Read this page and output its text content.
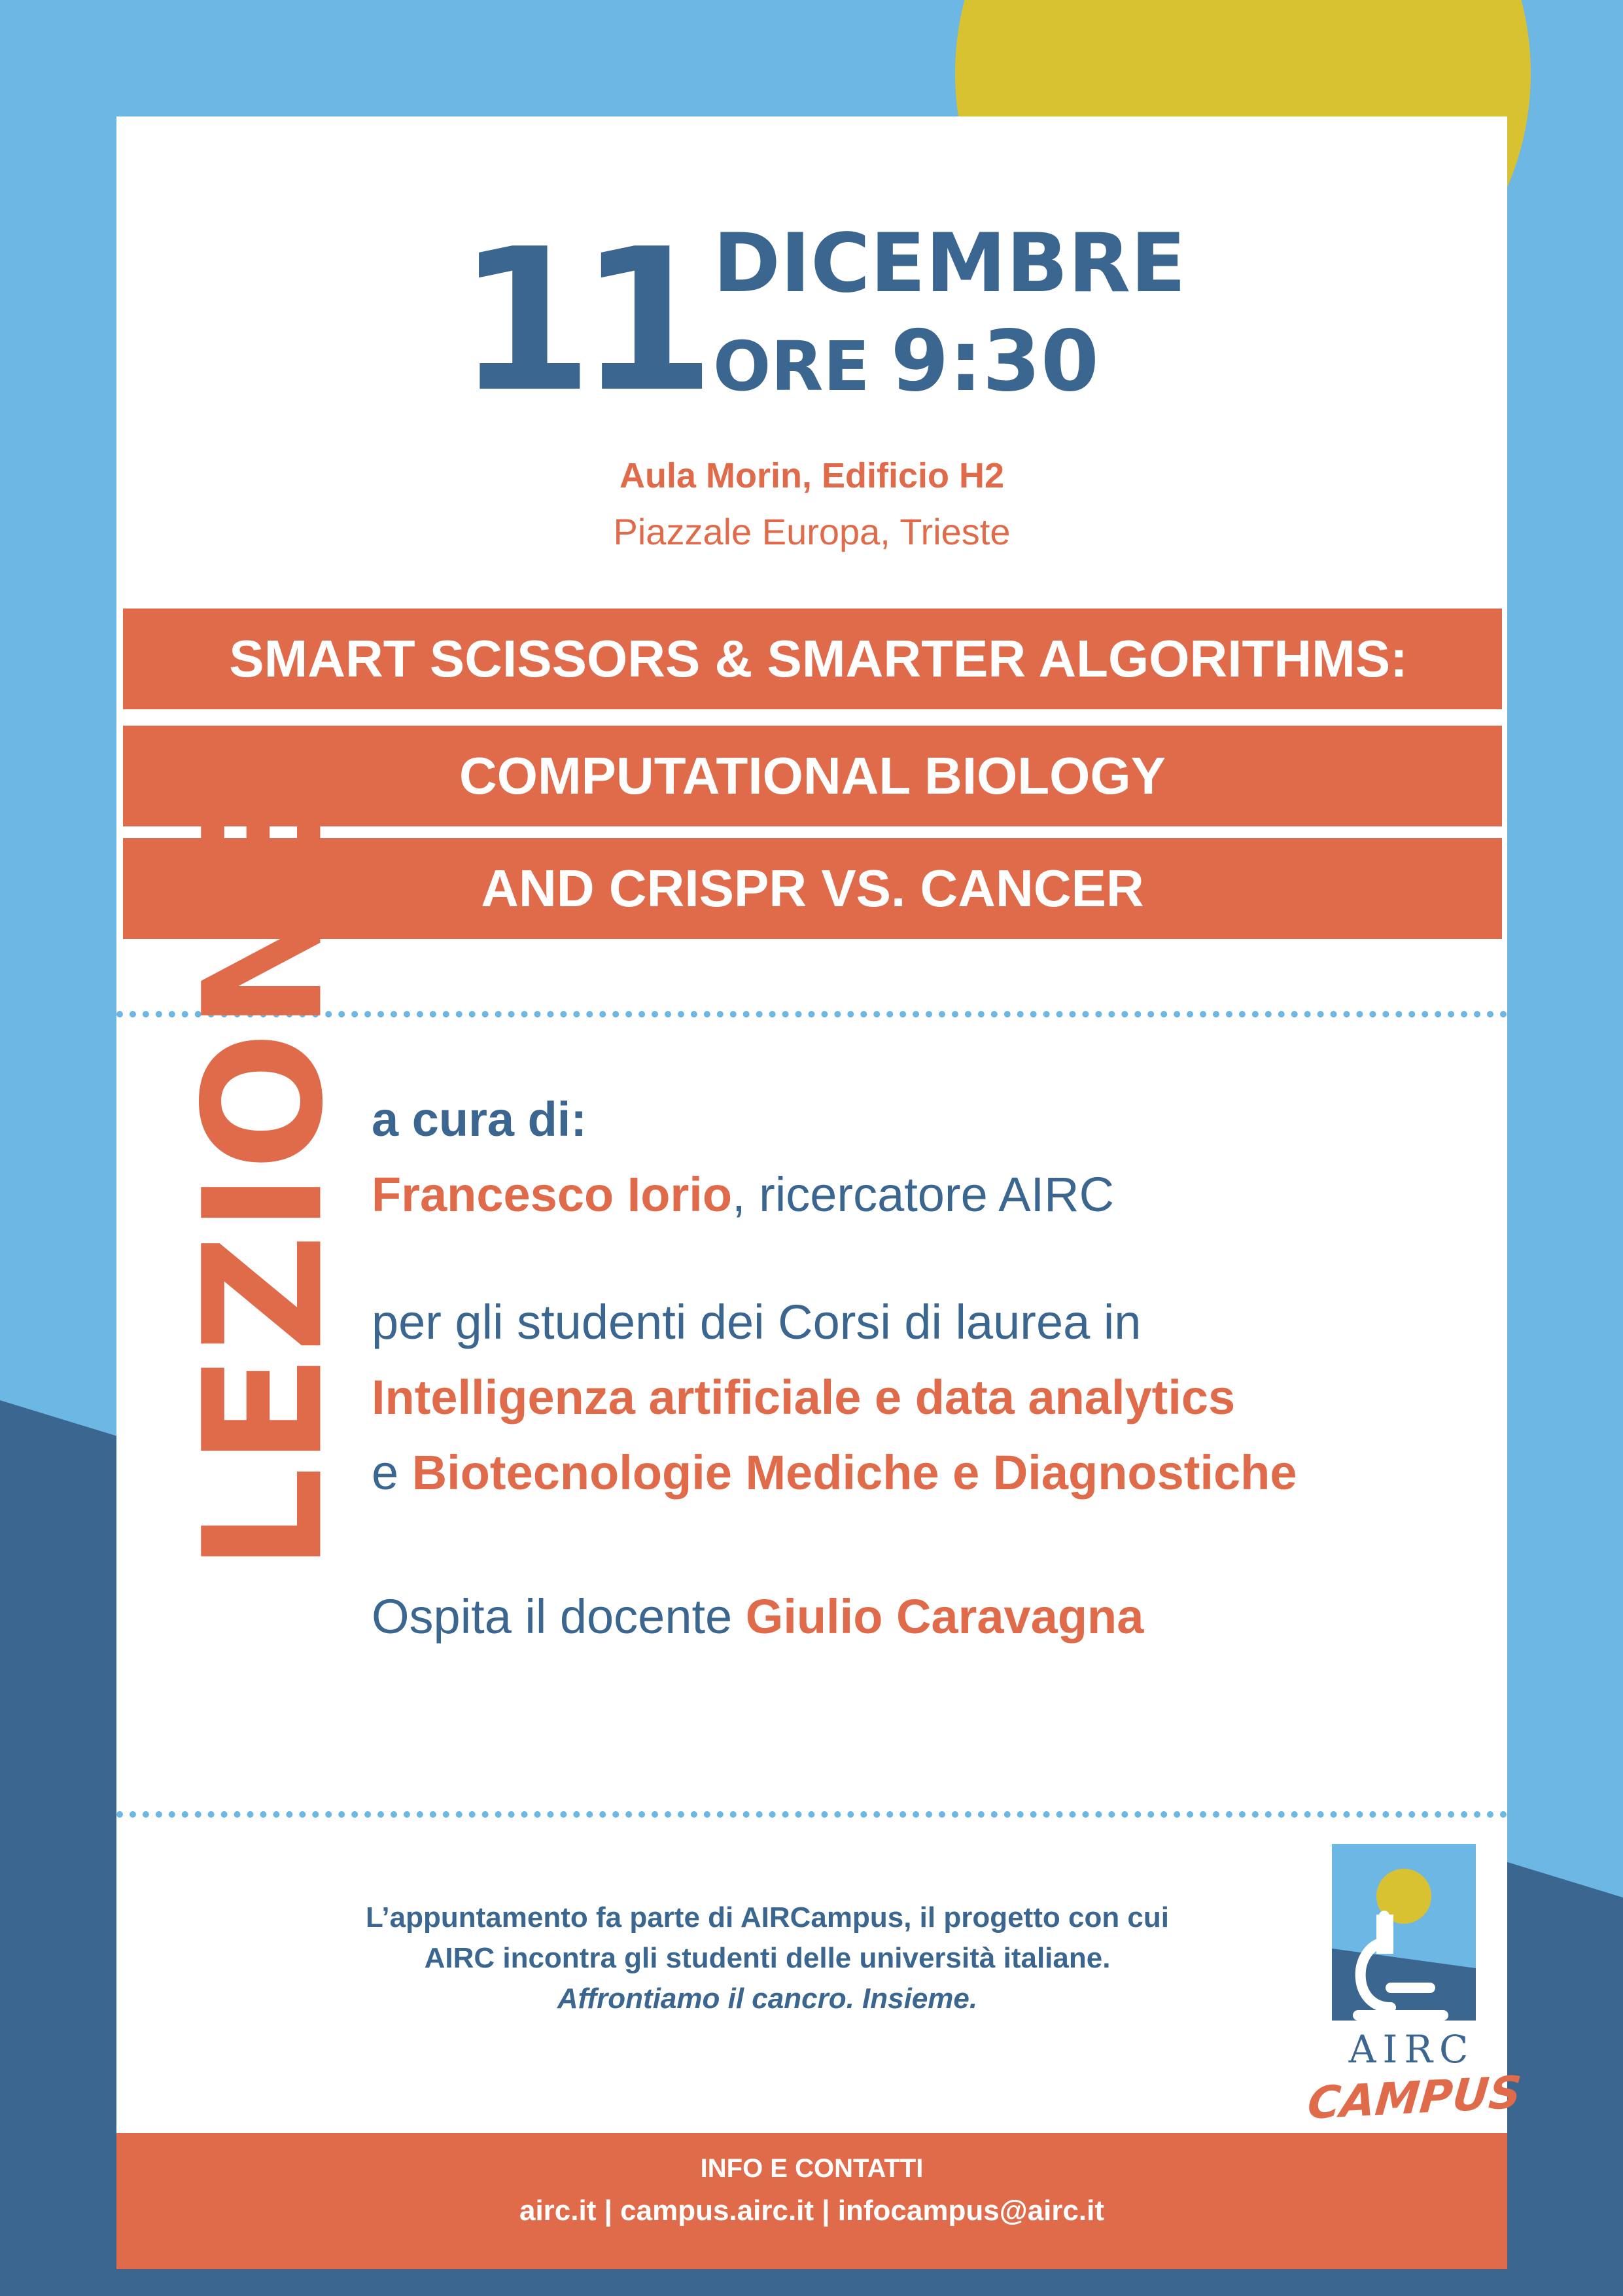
11 DICEMBRE
ORE 9:30
Aula Morin, Edificio H2
Piazzale Europa, Trieste
SMART SCISSORS & SMARTER ALGORITHMS:
COMPUTATIONAL BIOLOGY
AND CRISPR VS. CANCER
LEZIONE a cura di:
Francesco Iorio, ricercatore AIRC
per gli studenti dei Corsi di laurea in
Intelligenza artificiale e data analytics
e Biotecnologie Mediche e Diagnostiche
Ospita il docente Giulio Caravagna
L’appuntamento fa parte di AIRCampus, il progetto con cui
AIRC incontra gli studenti delle università italiane.
Affrontiamo il cancro. Insieme.
AIRC
CAMPUS
INFO E CONTATTI
airc.it | campus.airc.it | infocampus@airc.it
